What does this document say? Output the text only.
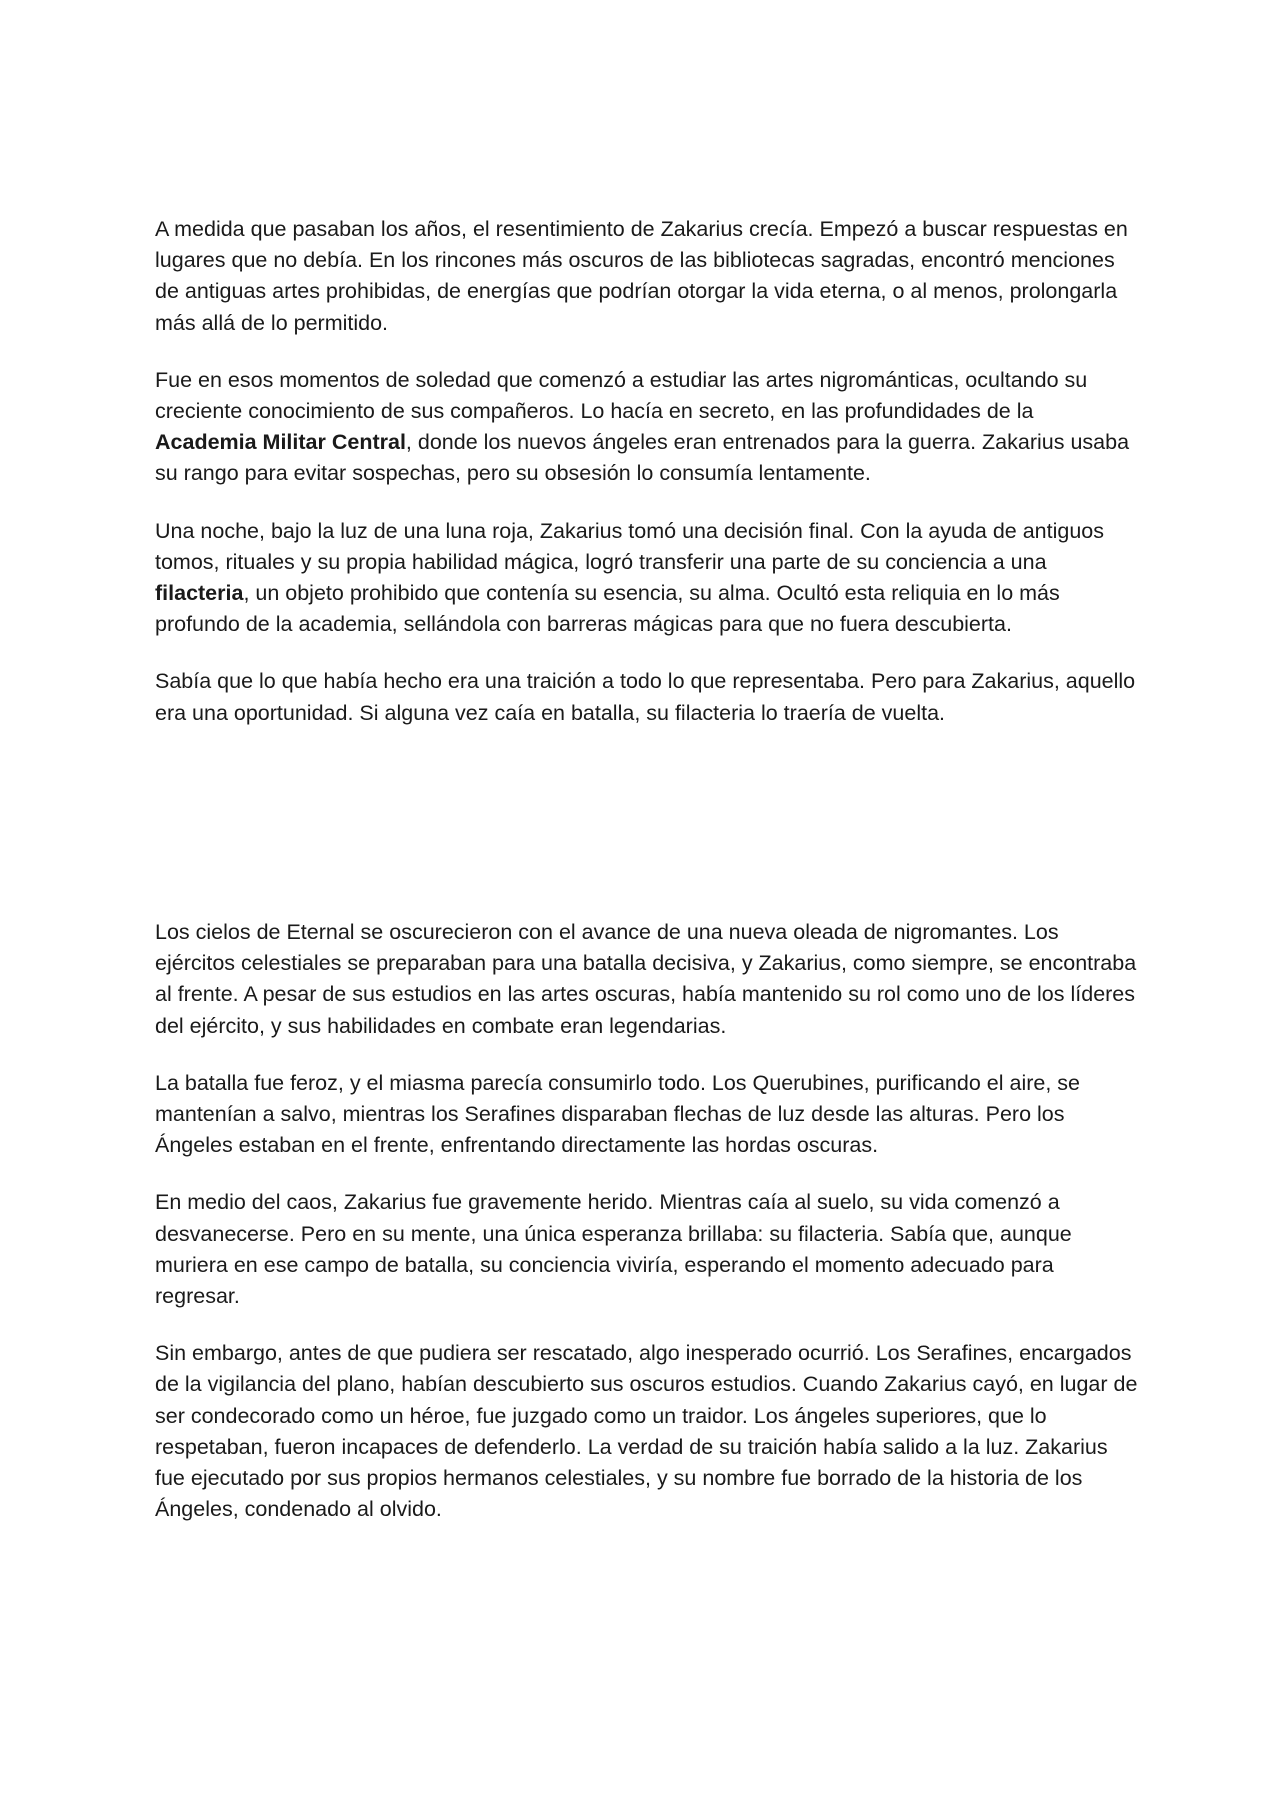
A medida que pasaban los años, el resentimiento de Zakarius crecía. Empezó a buscar respuestas en lugares que no debía. En los rincones más oscuros de las bibliotecas sagradas, encontró menciones de antiguas artes prohibidas, de energías que podrían otorgar la vida eterna, o al menos, prolongarla más allá de lo permitido.

Fue en esos momentos de soledad que comenzó a estudiar las artes nigrománticas, ocultando su creciente conocimiento de sus compañeros. Lo hacía en secreto, en las profundidades de la Academia Militar Central, donde los nuevos ángeles eran entrenados para la guerra. Zakarius usaba su rango para evitar sospechas, pero su obsesión lo consumía lentamente.

Una noche, bajo la luz de una luna roja, Zakarius tomó una decisión final. Con la ayuda de antiguos tomos, rituales y su propia habilidad mágica, logró transferir una parte de su conciencia a una filacteria, un objeto prohibido que contenía su esencia, su alma. Ocultó esta reliquia en lo más profundo de la academia, sellándola con barreras mágicas para que no fuera descubierta.

Sabía que lo que había hecho era una traición a todo lo que representaba. Pero para Zakarius, aquello era una oportunidad. Si alguna vez caía en batalla, su filacteria lo traería de vuelta.

Los cielos de Eternal se oscurecieron con el avance de una nueva oleada de nigromantes. Los ejércitos celestiales se preparaban para una batalla decisiva, y Zakarius, como siempre, se encontraba al frente. A pesar de sus estudios en las artes oscuras, había mantenido su rol como uno de los líderes del ejército, y sus habilidades en combate eran legendarias.

La batalla fue feroz, y el miasma parecía consumirlo todo. Los Querubines, purificando el aire, se mantenían a salvo, mientras los Serafines disparaban flechas de luz desde las alturas. Pero los Ángeles estaban en el frente, enfrentando directamente las hordas oscuras.

En medio del caos, Zakarius fue gravemente herido. Mientras caía al suelo, su vida comenzó a desvanecerse. Pero en su mente, una única esperanza brillaba: su filacteria. Sabía que, aunque muriera en ese campo de batalla, su conciencia viviría, esperando el momento adecuado para regresar.

Sin embargo, antes de que pudiera ser rescatado, algo inesperado ocurrió. Los Serafines, encargados de la vigilancia del plano, habían descubierto sus oscuros estudios. Cuando Zakarius cayó, en lugar de ser condecorado como un héroe, fue juzgado como un traidor. Los ángeles superiores, que lo respetaban, fueron incapaces de defenderlo. La verdad de su traición había salido a la luz. Zakarius fue ejecutado por sus propios hermanos celestiales, y su nombre fue borrado de la historia de los Ángeles, condenado al olvido.
